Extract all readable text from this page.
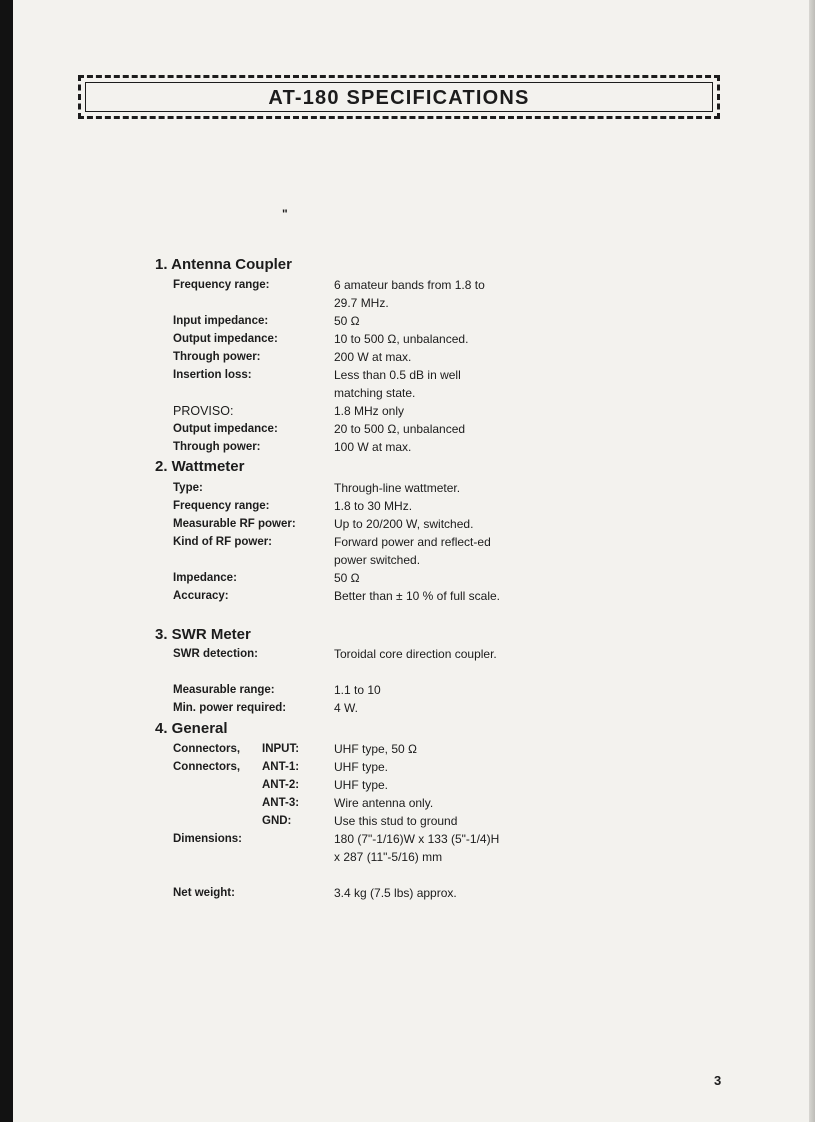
AT-180 SPECIFICATIONS
"
1. Antenna Coupler
Frequency range:	6 amateur bands from 1.8 to 29.7 MHz.
Input impedance:	50 Ω
Output impedance:	10 to 500 Ω, unbalanced.
Through power:	200 W at max.
Insertion loss:	Less than 0.5 dB in well matching state.
PROVISO:	1.8 MHz only
Output impedance:	20 to 500 Ω, unbalanced
Through power:	100 W at max.
2. Wattmeter
Type:	Through-line wattmeter.
Frequency range:	1.8 to 30 MHz.
Measurable RF power:	Up to 20/200 W, switched.
Kind of RF power:	Forward power and reflect-ed power switched.
Impedance:	50 Ω
Accuracy:	Better than ± 10 % of full scale.
3. SWR Meter
SWR detection:	Toroidal core direction coupler.
Measurable range:	1.1 to 10
Min. power required:	4 W.
4. General
Connectors, INPUT:	UHF type, 50 Ω
Connectors, ANT-1:	UHF type.
ANT-2:	UHF type.
ANT-3:	Wire antenna only.
GND:	Use this stud to ground
Dimensions:	180 (7"-1/16)W x 133 (5"-1/4)H x 287 (11"-5/16) mm
Net weight:	3.4 kg (7.5 lbs) approx.
3
